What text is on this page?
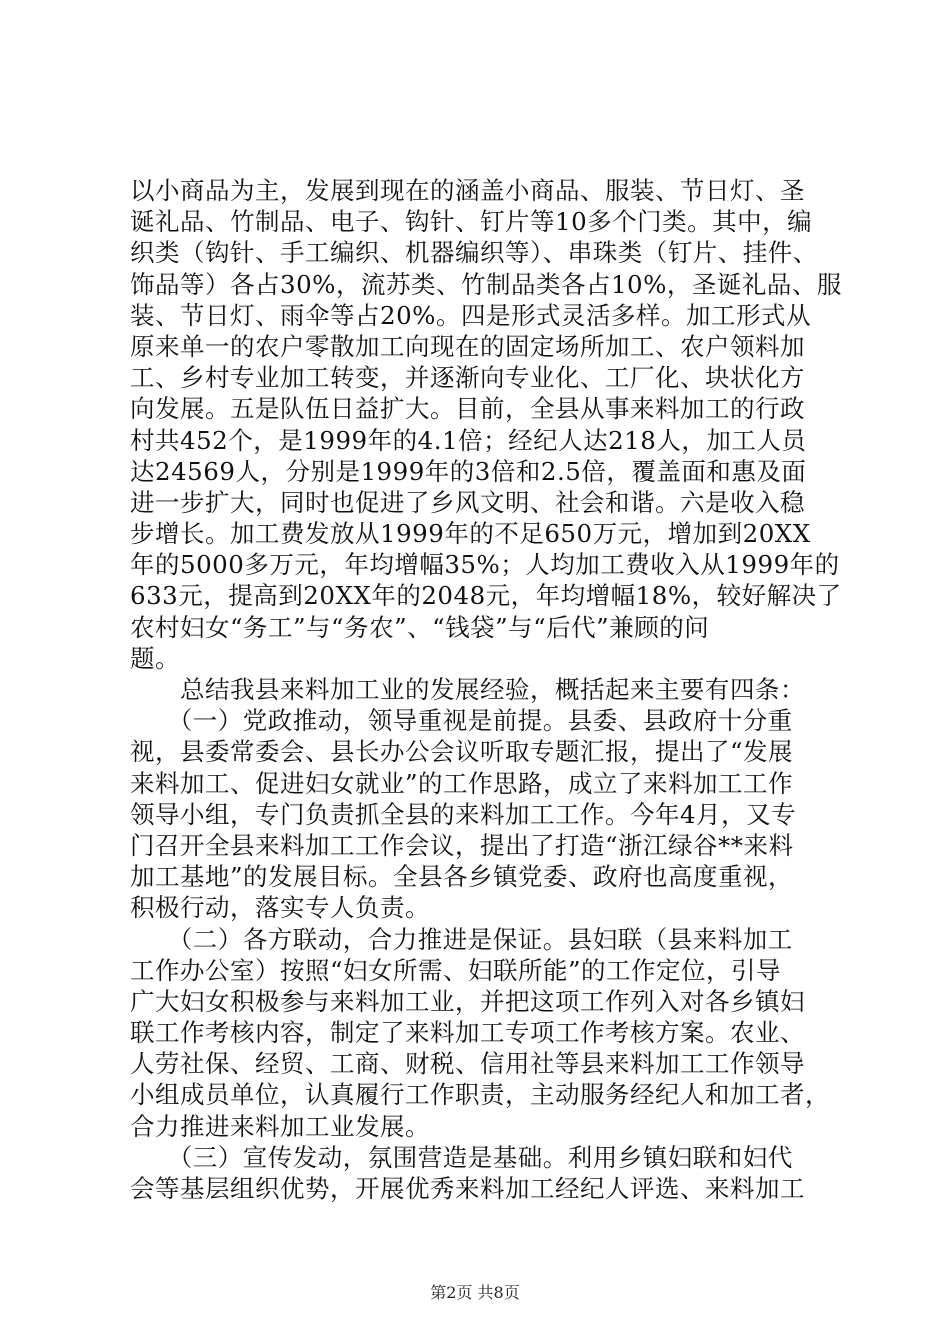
以小商品为主，发展到现在的涵盖小商品、服装、节日灯、圣
诞礼品、竹制品、电子、钩针、钉片等10多个门类。其中，编
织类（钩针、手工编织、机器编织等）、串珠类（钉片、挂件、
饰品等）各占30%，流苏类、竹制品类各占10%，圣诞礼品、服
装、节日灯、雨伞等占20%。四是形式灵活多样。加工形式从
原来单一的农户零散加工向现在的固定场所加工、农户领料加
工、乡村专业加工转变，并逐渐向专业化、工厂化、块状化方
向发展。五是队伍日益扩大。目前，全县从事来料加工的行政
村共452个，是1999年的4.1倍；经纪人达218人，加工人员
达24569人，分别是1999年的3倍和2.5倍，覆盖面和惠及面
进一步扩大，同时也促进了乡风文明、社会和谐。六是收入稳
步增长。加工费发放从1999年的不足650万元，增加到20XX
年的5000多万元，年均增幅35%；人均加工费收入从1999年的
633元，提高到20XX年的2048元，年均增幅18%，较好解决了
农村妇女“务工”与“务农”、“钱袋”与“后代”兼顾的问
题。
　　总结我县来料加工业的发展经验，概括起来主要有四条：
　　（一）党政推动，领导重视是前提。县委、县政府十分重
视，县委常委会、县长办公会议听取专题汇报，提出了“发展
来料加工、促进妇女就业”的工作思路，成立了来料加工工作
领导小组，专门负责抓全县的来料加工工作。今年4月，又专
门召开全县来料加工工作会议，提出了打造“浙江绿谷**来料
加工基地”的发展目标。全县各乡镇党委、政府也高度重视，
积极行动，落实专人负责。
　　（二）各方联动，合力推进是保证。县妇联（县来料加工
工作办公室）按照“妇女所需、妇联所能”的工作定位，引导
广大妇女积极参与来料加工业，并把这项工作列入对各乡镇妇
联工作考核内容，制定了来料加工专项工作考核方案。农业、
人劳社保、经贸、工商、财税、信用社等县来料加工工作领导
小组成员单位，认真履行工作职责，主动服务经纪人和加工者，
合力推进来料加工业发展。
　　（三）宣传发动，氛围营造是基础。利用乡镇妇联和妇代
会等基层组织优势，开展优秀来料加工经纪人评选、来料加工
第2页 共8页
